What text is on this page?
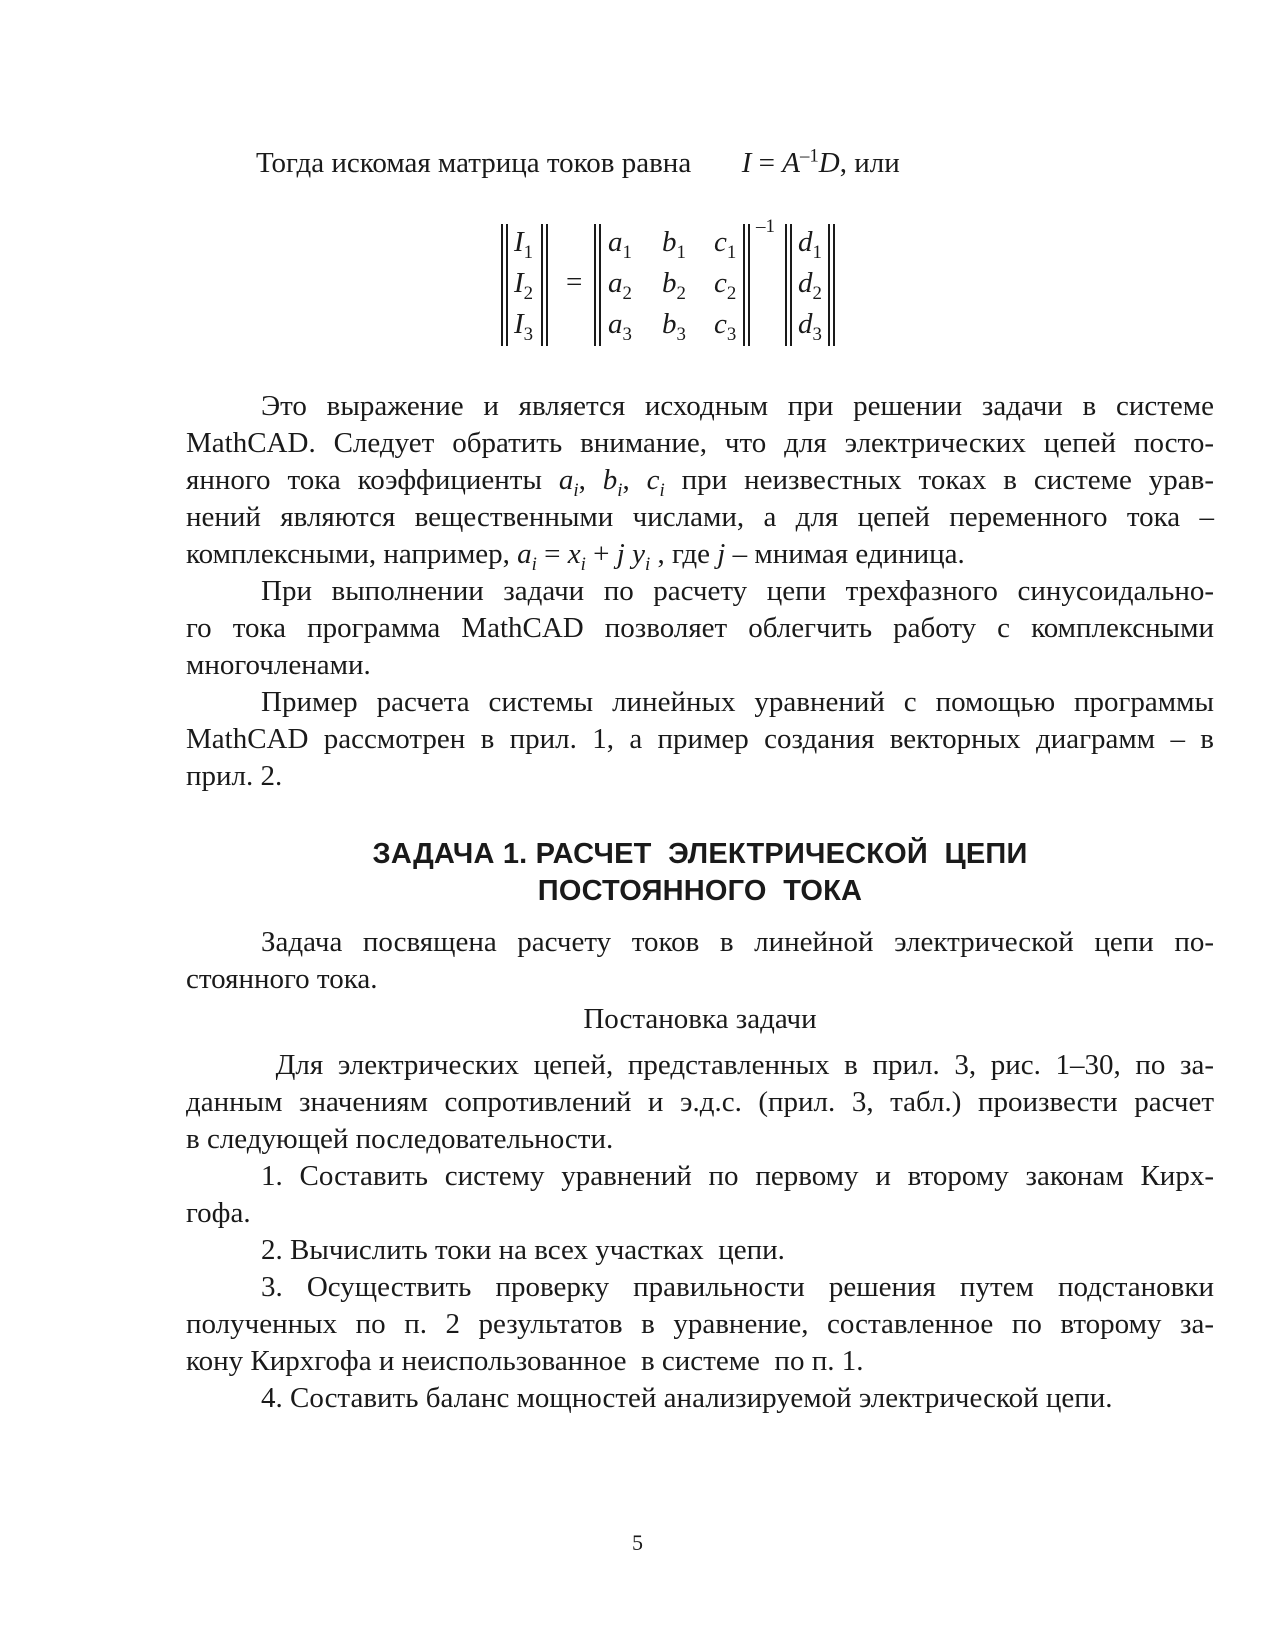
Тогда искомая матрица токов равна $I = A^{-1}D$, или
$I_1$
$I_2$
$I_3$
=
$a_1$ $b_1$ $c_1$
$a_2$ $b_2$ $c_2$
$a_3$ $b_3$ $c_3$
–1 $d_1$
$d_2$
$d_3$
Это выражение и является исходным при решении задачи в системе
MathCAD. Следует обратить внимание, что для электрических цепей посто-
янного тока коэффициенты $a_i$, $b_i$, $c_i$ при неизвестных токах в системе урав-
нений являются вещественными числами, а для цепей переменного тока –
комплексными, например, $a_i = x_i + j$ $y_i$ , где j – мнимая единица.
При выполнении задачи по расчету цепи трехфазного синусоидально-
го тока программа MathCAD позволяет облегчить работу с комплексными
многочленами.
Пример расчета системы линейных уравнений с помощью программы
MathCAD рассмотрен в прил. 1, а пример создания векторных диаграмм – в
прил. 2.
ЗАДАЧА 1. РАСЧЕТ  ЭЛЕКТРИЧЕСКОЙ  ЦЕПИ
ПОСТОЯННОГО  ТОКА
Задача посвящена расчету токов в линейной электрической цепи по-
стоянного тока.
Постановка задачи
Для электрических цепей, представленных в прил. 3, рис. 1–30, по за-
данным значениям сопротивлений и э.д.с. (прил. 3, табл.) произвести расчет
в следующей последовательности.
1. Составить систему уравнений по первому и второму законам Кирх-
гофа.
2. Вычислить токи на всех участках  цепи.
3. Осуществить проверку правильности решения путем подстановки
полученных по п. 2 результатов в уравнение, составленное по второму за-
кону Кирхгофа и неиспользованное  в системе  по п. 1.
4. Составить баланс мощностей анализируемой электрической цепи.
5
